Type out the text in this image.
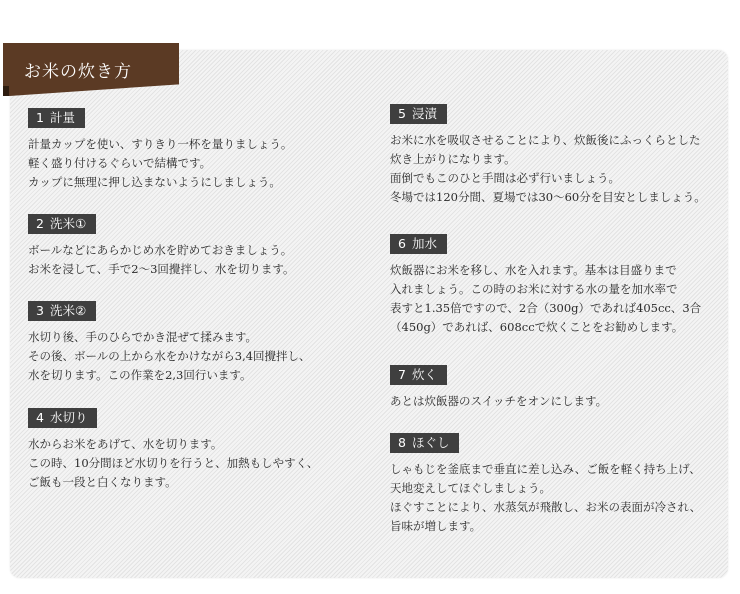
お米の炊き方
1 計量
計量カップを使い、すりきり一杯を量りましょう。
軽く盛り付けるぐらいで結構です。
カップに無理に押し込まないようにしましょう。
2 洗米①
ボールなどにあらかじめ水を貯めておきましょう。
お米を浸して、手で2～3回攪拌し、水を切ります。
3 洗米②
水切り後、手のひらでかき混ぜて揉みます。
その後、ボールの上から水をかけながら3,4回攪拌し、
水を切ります。この作業を2,3回行います。
4 水切り
水からお米をあげて、水を切ります。
この時、10分間ほど水切りを行うと、加熱もしやすく、
ご飯も一段と白くなります。
5 浸漬
お米に水を吸収させることにより、炊飯後にふっくらとした
炊き上がりになります。
面倒でもこのひと手間は必ず行いましょう。
冬場では120分間、夏場では30～60分を目安としましょう。
6 加水
炊飯器にお米を移し、水を入れます。基本は目盛りまで
入れましょう。この時のお米に対する水の量を加水率で
表すと1.35倍ですので、2合（300g）であれば405cc、3合
（450g）であれば、608ccで炊くことをお勧めします。
7 炊く
あとは炊飯器のスイッチをオンにします。
8 ほぐし
しゃもじを釜底まで垂直に差し込み、ご飯を軽く持ち上げ、
天地変えしてほぐしましょう。
ほぐすことにより、水蒸気が飛散し、お米の表面が冷され、
旨味が増します。
